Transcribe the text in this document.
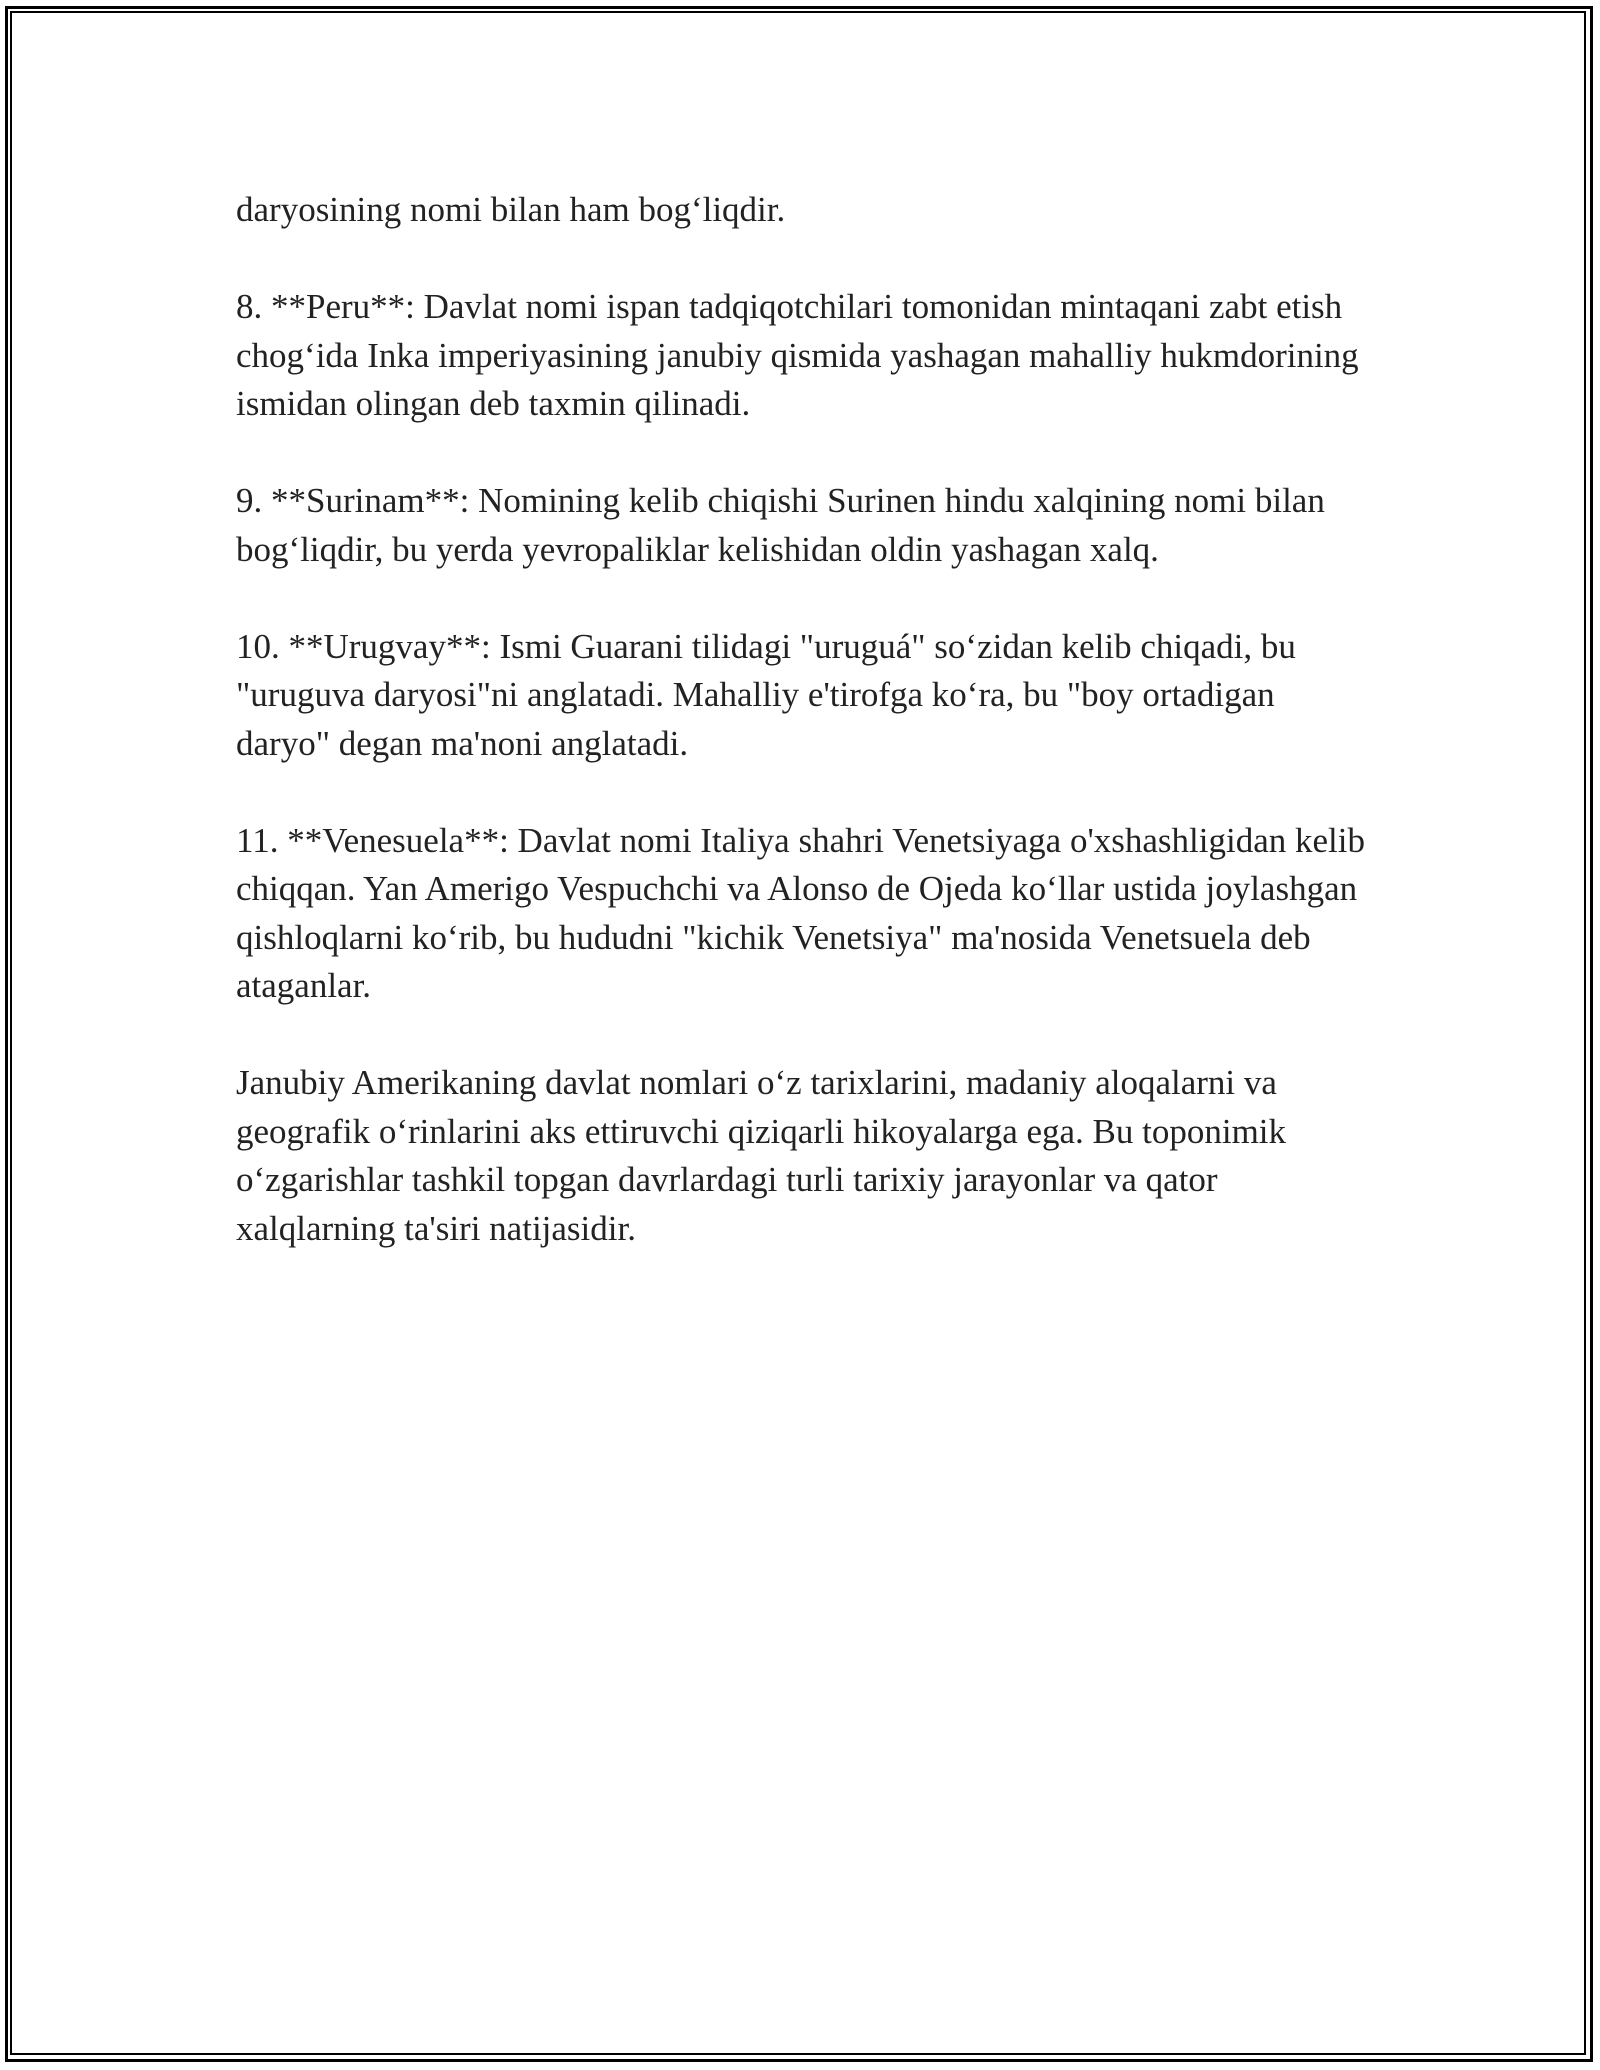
daryosining nomi bilan ham bog‘liqdir.

8. **Peru**: Davlat nomi ispan tadqiqotchilari tomonidan mintaqani zabt etish chog‘ida Inka imperiyasining janubiy qismida yashagan mahalliy hukmdorining ismidan olingan deb taxmin qilinadi.

9. **Surinam**: Nomining kelib chiqishi Surinen hindu xalqining nomi bilan bog‘liqdir, bu yerda yevropaliklar kelishidan oldin yashagan xalq.

10. **Urugvay**: Ismi Guarani tilidagi "uruguá" so‘zidan kelib chiqadi, bu "uruguva daryosi"ni anglatadi. Mahalliy e'tirofga ko‘ra, bu "boy ortadigan daryo" degan ma'noni anglatadi.

11. **Venesuela**: Davlat nomi Italiya shahri Venetsiyaga o'xshashligidan kelib chiqqan. Yan Amerigo Vespuchchi va Alonso de Ojeda ko‘llar ustida joylashgan qishloqlarni ko‘rib, bu hududni "kichik Venetsiya" ma'nosida Venetsuela deb ataganlar.

Janubiy Amerikaning davlat nomlari o‘z tarixlarini, madaniy aloqalarni va geografik o‘rinlarini aks ettiruvchi qiziqarli hikoyalarga ega. Bu toponimik o‘zgarishlar tashkil topgan davrlardagi turli tarixiy jarayonlar va qator xalqlarning ta'siri natijasidir.
